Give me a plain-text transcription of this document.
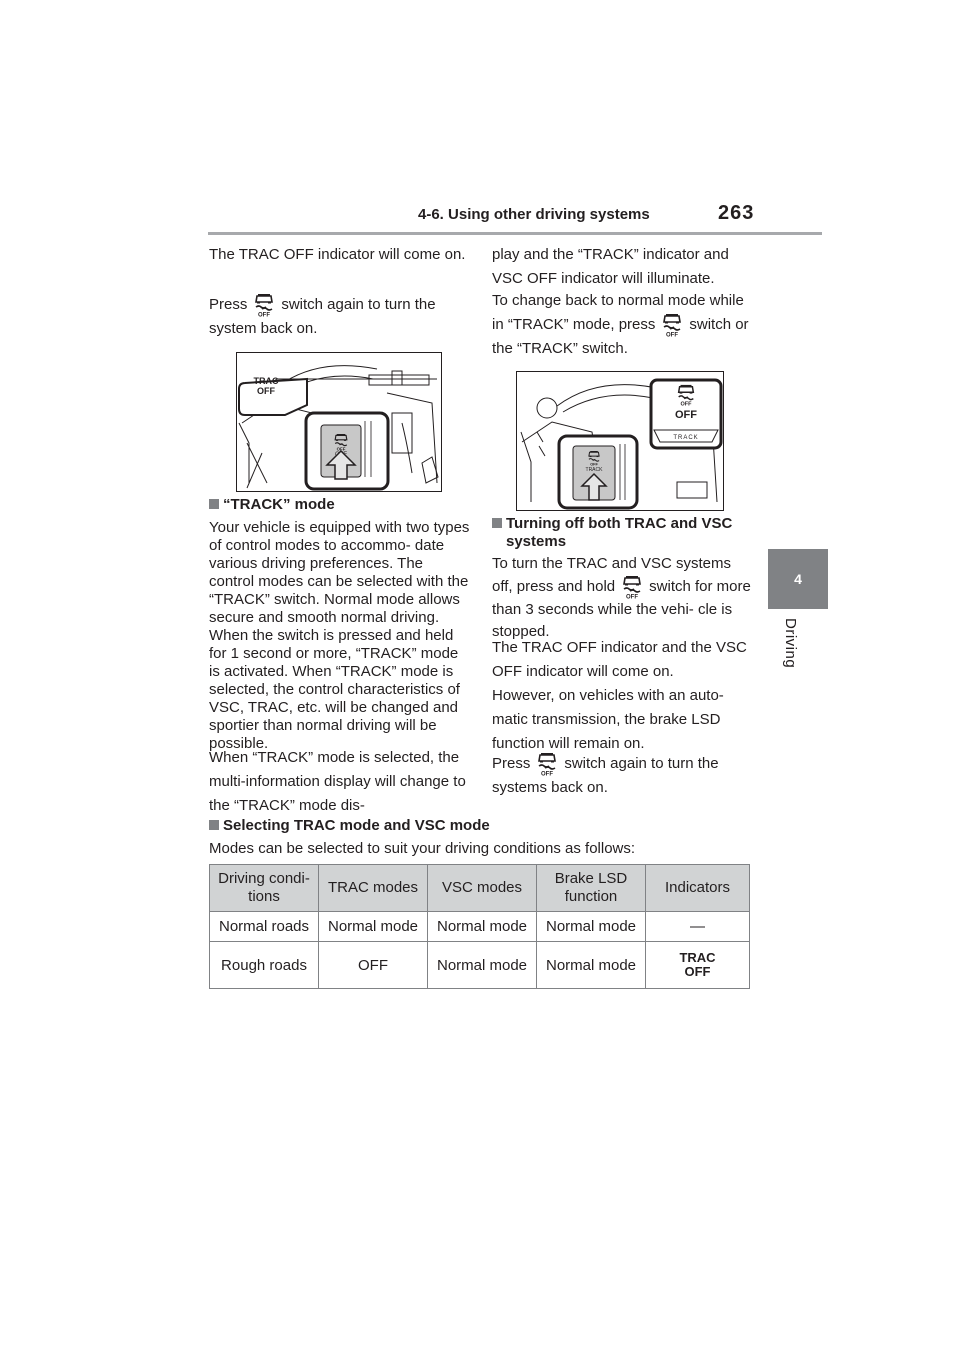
4-6. Using other driving systems	263
4
Driving
The TRAC OFF indicator will come on.
Press switch again to turn the system back on.
TRAC
OFF
“TRACK” mode
Your vehicle is equipped with two types of control modes to accommo- date various driving preferences. The control modes can be selected with the “TRACK” switch. Normal mode allows secure and smooth normal driving. When the switch is pressed and held for 1 second or more, “TRACK” mode is activated. When “TRACK” mode is selected, the control characteristics of VSC, TRAC, etc. will be changed and sportier than normal driving will be possible.
When “TRACK” mode is selected, the multi-information display will change to the “TRACK” mode dis-
play and the “TRACK” indicator and VSC OFF indicator will illuminate.
To change back to normal mode while in “TRACK” mode, press switch or the “TRACK” switch.
OFF
TRACK
TRACK
Turning off both TRAC and VSC
systems
To turn the TRAC and VSC systems off, press and hold switch for more than 3 seconds while the vehi- cle is stopped.
The TRAC OFF indicator and the VSC OFF indicator will come on.
However, on vehicles with an auto- matic transmission, the brake LSD function will remain on.
Press switch again to turn the systems back on.
Selecting TRAC mode and VSC mode
Modes can be selected to suit your driving conditions as follows:
Driving condi- tions	TRAC modes	VSC modes	Brake LSD function	Indicators
Normal roads	Normal mode	Normal mode	Normal mode	—
Rough roads	OFF	Normal mode	Normal mode	TRAC
OFF
